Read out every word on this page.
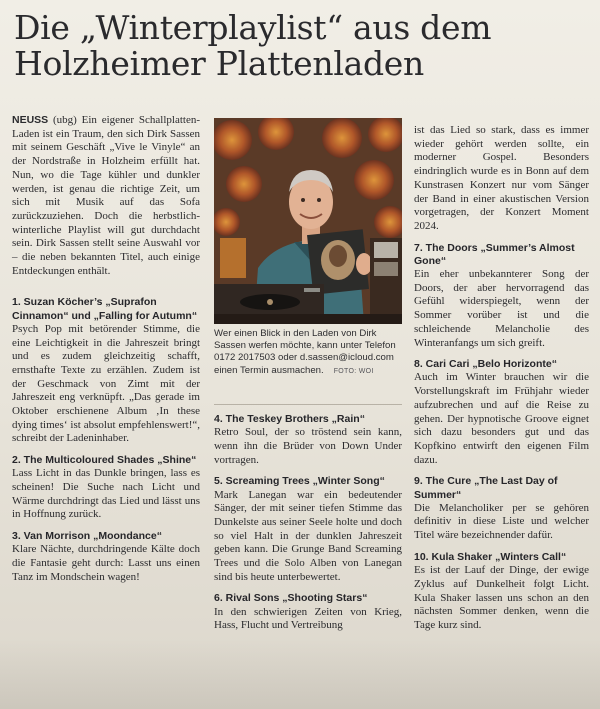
Die „Winterplaylist“ aus dem Holzheimer Plattenladen

NEUSS (ubg) Ein eigener Schallplatten-Laden ist ein Traum, den sich Dirk Sassen mit seinem Geschäft „Vive le Vinyle“ an der Nordstraße in Holzheim erfüllt hat. Nun, wo die Tage kühler und dunkler werden, ist genau die richtige Zeit, um sich mit Musik auf das Sofa zurückzuziehen. Doch die herbstlich-winterliche Playlist will gut durchdacht sein. Dirk Sassen stellt seine Auswahl vor – die neben bekannten Titel, auch einige Entdeckungen enthält.

1. Suzan Köcher’s „Suprafon Cinnamon“ und „Falling for Autumn“

Psych Pop mit betörender Stimme, die eine Leichtigkeit in die Jahreszeit bringt und es zudem gleichzeitig schafft, ernsthafte Texte zu erzählen. Zudem ist der Geschmack von Zimt mit der Jahreszeit eng verknüpft. „Das gerade im Oktober erschienene Album ‚In these dying times‘ ist absolut empfehlenswert!“, schreibt der Ladeninhaber.

2. The Multicoloured Shades „Shine“

Lass Licht in das Dunkle bringen, lass es scheinen! Die Suche nach Licht und Wärme durchdringt das Lied und lässt uns in Hoffnung zurück.

3. Van Morrison „Moondance“

Klare Nächte, durchdringende Kälte doch die Fantasie geht durch: Lasst uns einen Tanz im Mondschein wagen!

Wer einen Blick in den Laden von Dirk Sassen werfen möchte, kann unter Telefon 0172 2017503 oder d.sassen@icloud.com einen Termin ausmachen. FOTO: WOI
4. The Teskey Brothers „Rain“

Retro Soul, der so tröstend sein kann, wenn ihn die Brüder von Down Under vortragen.

5. Screaming Trees „Winter Song“

Mark Lanegan war ein bedeutender Sänger, der mit seiner tiefen Stimme das Dunkelste aus seiner Seele holte und doch so viel Halt in der dunklen Jahreszeit geben kann. Die Grunge Band Screaming Trees und die Solo Alben von Lanegan sind bis heute unterbewertet.

6. Rival Sons „Shooting Stars“

In den schwierigen Zeiten von Krieg, Hass, Flucht und Vertreibung

ist das Lied so stark, dass es immer wieder gehört werden sollte, ein moderner Gospel. Besonders eindringlich wurde es in Bonn auf dem Kunstrasen Konzert nur vom Sänger der Band in einer akustischen Version vorgetragen, der Konzert Moment 2024.

7. The Doors „Summer’s Almost Gone“

Ein eher unbekannterer Song der Doors, der aber hervorragend das Gefühl widerspiegelt, wenn der Sommer vorüber ist und die schleichende Melancholie des Winteranfangs um sich greift.

8. Cari Cari „Belo Horizonte“

Auch im Winter brauchen wir die Vorstellungskraft im Frühjahr wieder aufzubrechen und auf die Reise zu gehen. Der hypnotische Groove eignet sich dazu besonders gut und das Kopfkino entwirft den eigenen Film dazu.

9. The Cure „The Last Day of Summer“

Die Melancholiker per se gehören definitiv in diese Liste und welcher Titel wäre bezeichnender dafür.

10. Kula Shaker „Winters Call“

Es ist der Lauf der Dinge, der ewige Zyklus auf Dunkelheit folgt Licht. Kula Shaker lassen uns schon an den nächsten Sommer denken, wenn die Tage kurz sind.
